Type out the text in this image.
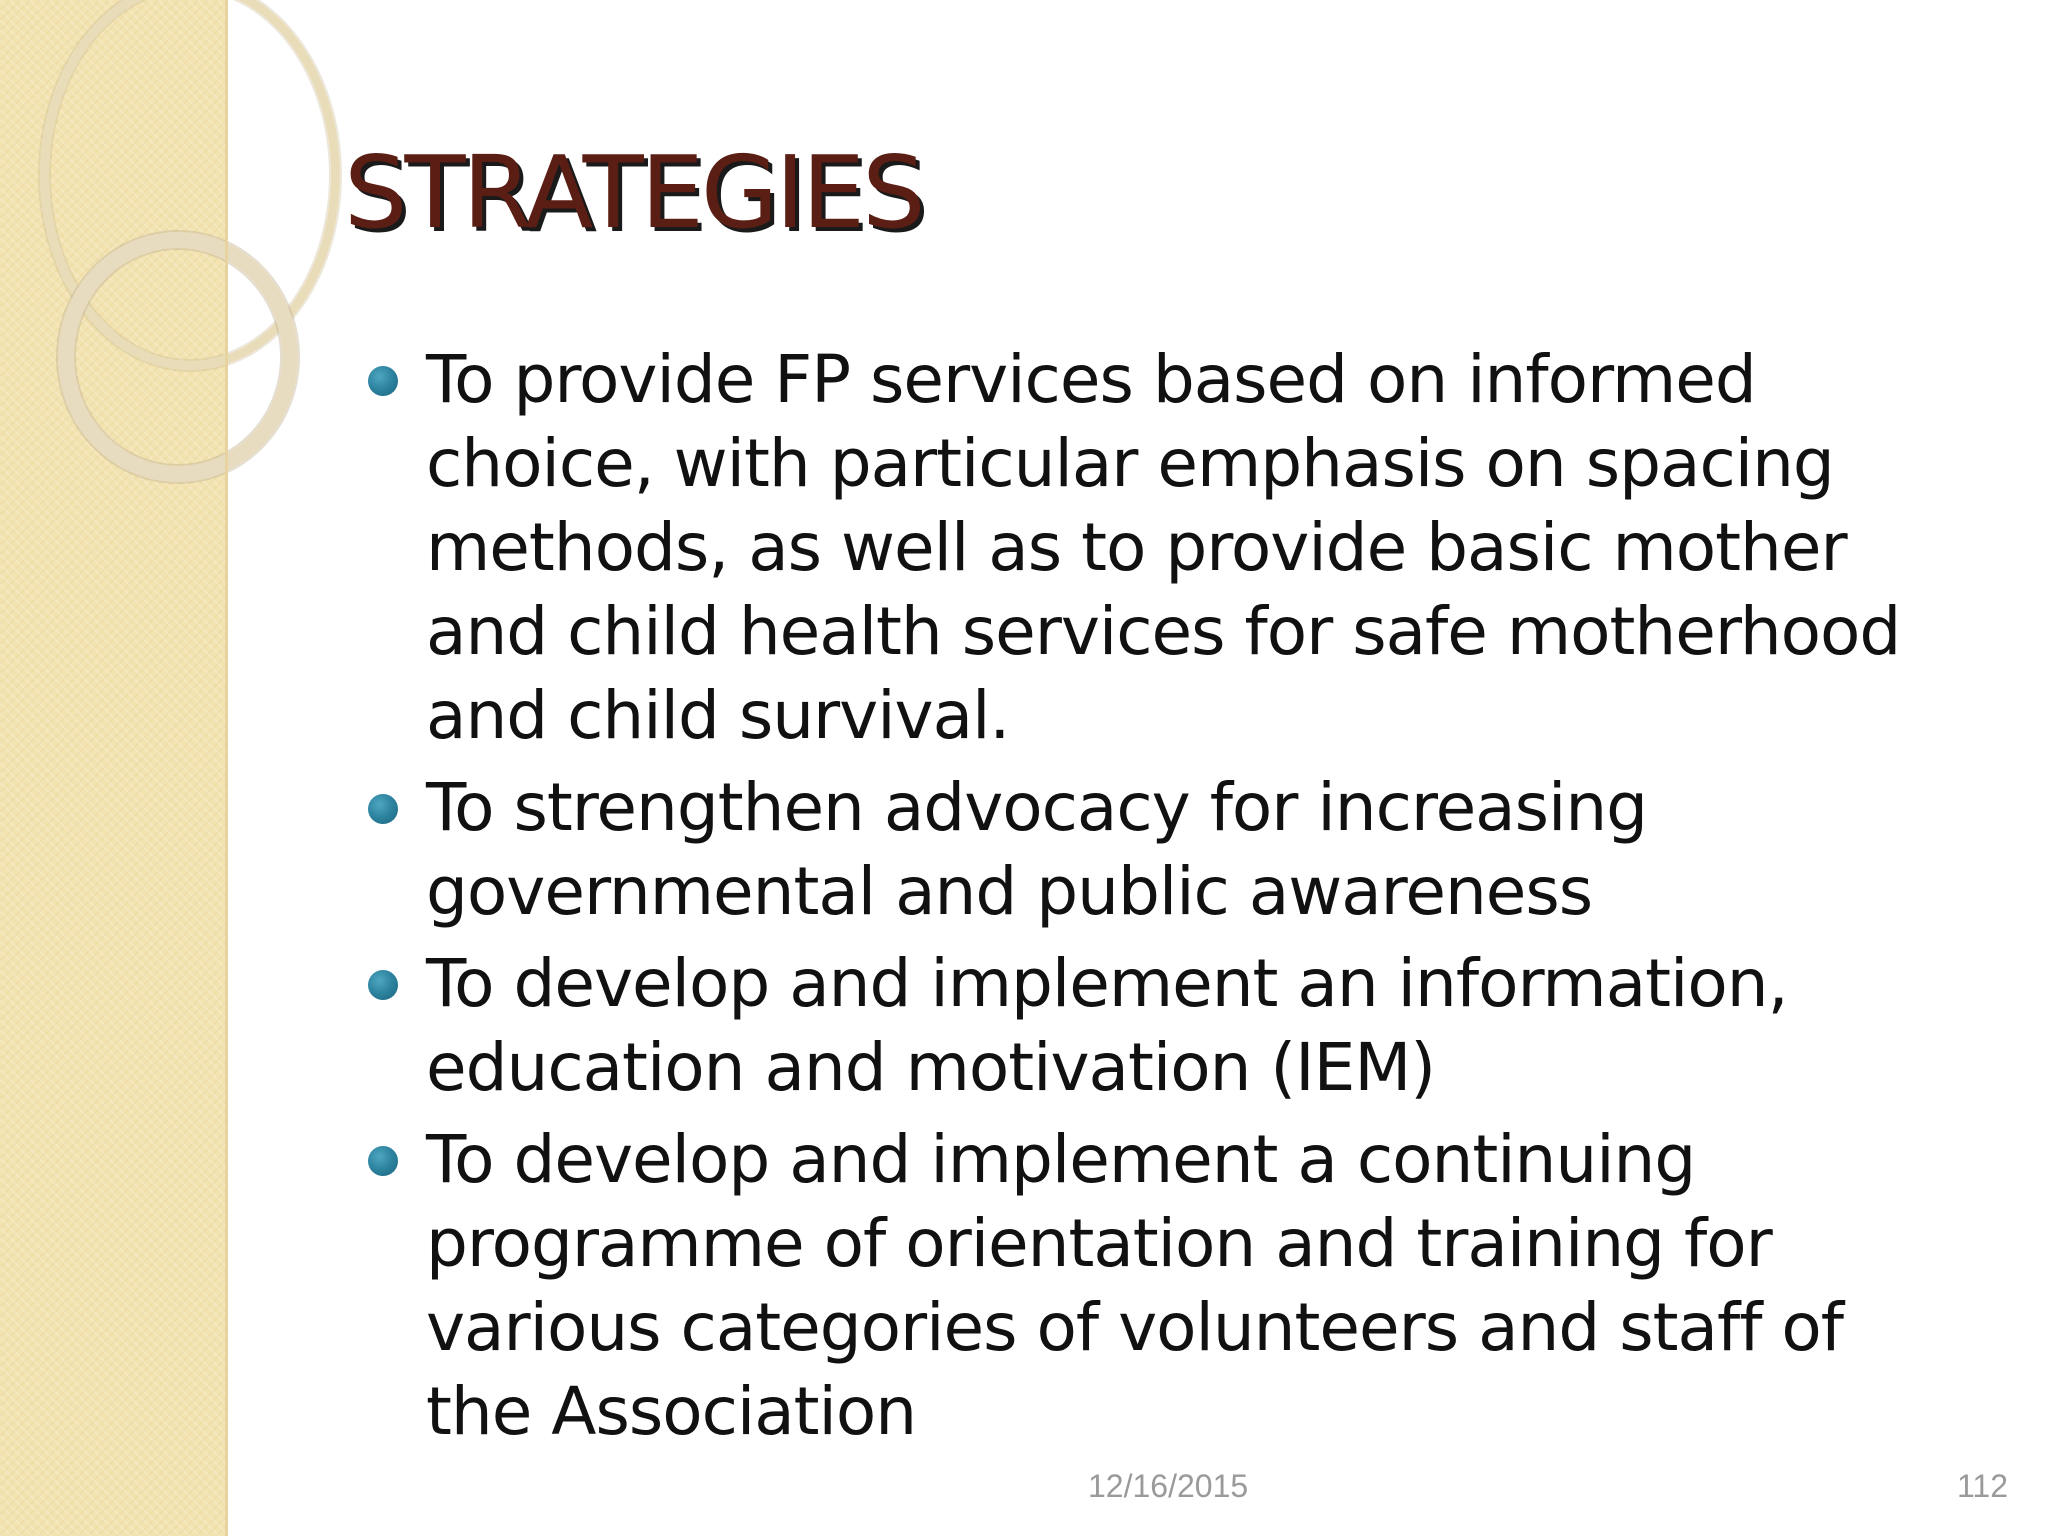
STRATEGIES
To provide FP services based on informed choice, with particular emphasis on spacing methods, as well as to provide basic mother and child health services for safe motherhood and child survival.
To strengthen advocacy for increasing governmental and public awareness
To develop and implement an information, education and motivation (IEM)
To develop and implement a continuing programme of orientation and training for various categories of volunteers and staff of the Association
12/16/2015	112
